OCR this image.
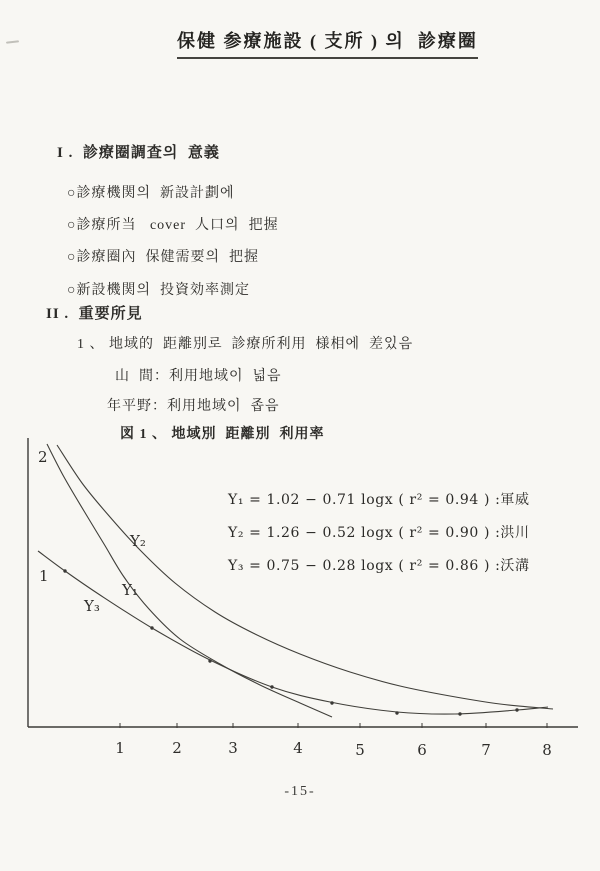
保健 参療施設 ( 支所 ) 의  診療圈
I .  診療圈調査의  意義
○診療機関의  新設計劃에
○診療所当   cover  人口의  把握
○診療圈內  保健需要의  把握
○新設機関의  投資効率測定
II .  重要所見
1 、 地域的  距離別로  診療所利用  様相에  差있음
山  間：利用地域이  넓음
年平野：利用地域이  좁음
図 1 、 地域別  距離別  利用率
Y₁ = 1.02 − 0.71 logx ( r² = 0.94 ) :軍威
Y₂ = 1.26 − 0.52 logx ( r² = 0.90 ) :洪川
Y₃ = 0.75 − 0.28 logx ( r² = 0.86 ) :沃溝
2
1
Y₂
Y₁
Y₃
1	2	3	4	5	6	7	8
-15-
